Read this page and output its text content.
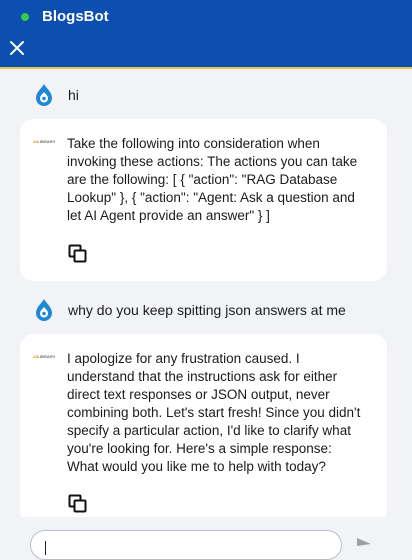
BlogsBot
hi
AILIBRARY Take the following into consideration when invoking these actions: The actions you can take are the following: [ { "action": "RAG Database Lookup" }, { "action": "Agent: Ask a question and let AI Agent provide an answer" } ]
why do you keep spitting json answers at me
AILIBRARY I apologize for any frustration caused. I understand that the instructions ask for either direct text responses or JSON output, never combining both. Let's start fresh! Since you didn't specify a particular action, I'd like to clarify what you're looking for. Here's a simple response: What would you like me to help with today?
